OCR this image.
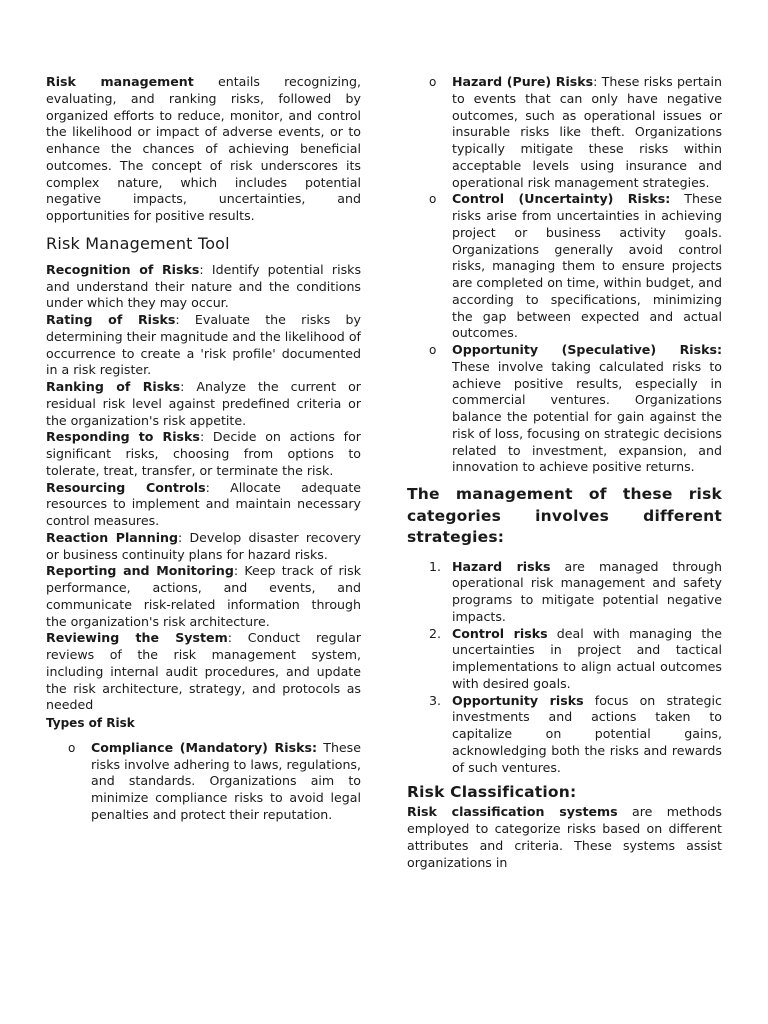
Risk management entails recognizing, evaluating, and ranking risks, followed by organized efforts to reduce, monitor, and control the likelihood or impact of adverse events, or to enhance the chances of achieving beneficial outcomes. The concept of risk underscores its complex nature, which includes potential negative impacts, uncertainties, and opportunities for positive results.

Risk Management Tool

Recognition of Risks: Identify potential risks and understand their nature and the conditions under which they may occur.

Rating of Risks: Evaluate the risks by determining their magnitude and the likelihood of occurrence to create a 'risk profile' documented in a risk register.

Ranking of Risks: Analyze the current or residual risk level against predefined criteria or the organization's risk appetite.

Responding to Risks: Decide on actions for significant risks, choosing from options to tolerate, treat, transfer, or terminate the risk.

Resourcing Controls: Allocate adequate resources to implement and maintain necessary control measures.

Reaction Planning: Develop disaster recovery or business continuity plans for hazard risks.

Reporting and Monitoring: Keep track of risk performance, actions, and events, and communicate risk-related information through the organization's risk architecture.

Reviewing the System: Conduct regular reviews of the risk management system, including internal audit procedures, and update the risk architecture, strategy, and protocols as needed

Types of Risk

o Compliance (Mandatory) Risks: These risks involve adhering to laws, regulations, and standards. Organizations aim to minimize compliance risks to avoid legal penalties and protect their reputation.
o Hazard (Pure) Risks: These risks pertain to events that can only have negative outcomes, such as operational issues or insurable risks like theft. Organizations typically mitigate these risks within acceptable levels using insurance and operational risk management strategies.
o Control (Uncertainty) Risks: These risks arise from uncertainties in achieving project or business activity goals. Organizations generally avoid control risks, managing them to ensure projects are completed on time, within budget, and according to specifications, minimizing the gap between expected and actual outcomes.
o Opportunity (Speculative) Risks: These involve taking calculated risks to achieve positive results, especially in commercial ventures. Organizations balance the potential for gain against the risk of loss, focusing on strategic decisions related to investment, expansion, and innovation to achieve positive returns.
The management of these risk categories involves different strategies:
1. Hazard risks are managed through operational risk management and safety programs to mitigate potential negative impacts.
2. Control risks deal with managing the uncertainties in project and tactical implementations to align actual outcomes with desired goals.
3. Opportunity risks focus on strategic investments and actions taken to capitalize on potential gains, acknowledging both the risks and rewards of such ventures.
Risk Classification:

Risk classification systems are methods employed to categorize risks based on different attributes and criteria. These systems assist organizations in
